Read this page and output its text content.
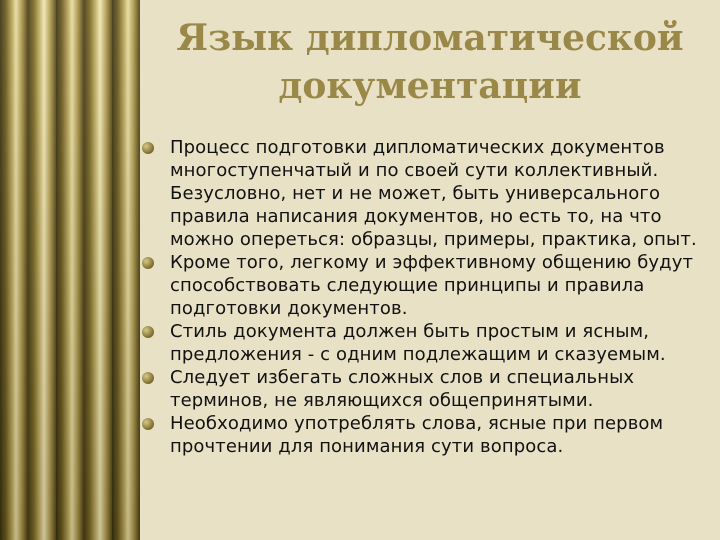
Язык дипломатической
документации
Процесс подготовки дипломатических документов многоступенчатый и по своей сути коллективный. Безусловно, нет и не может, быть универсального правила написания документов, но есть то, на что можно опереться: образцы, примеры, практика, опыт.
Кроме того, легкому и эффективному общению будут способствовать следующие принципы и правила подготовки документов.
Стиль документа должен быть простым и ясным, предложения - с одним подлежащим и сказуемым.
Следует избегать сложных слов и специальных терминов, не являющихся общепринятыми.
Необходимо употреблять слова, ясные при первом прочтении для понимания сути вопроса.
